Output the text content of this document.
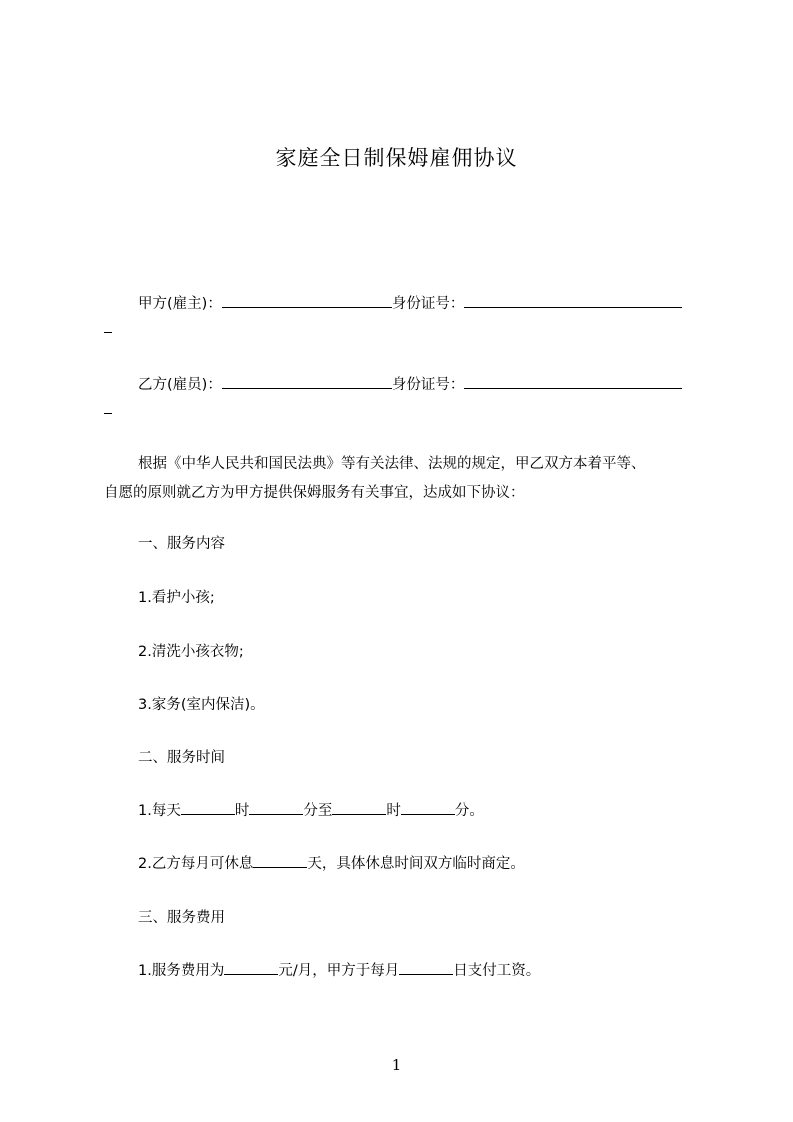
家庭全日制保姆雇佣协议
甲方(雇主)：	身份证号：
乙方(雇员)：	身份证号：
根据《中华人民共和国民法典》等有关法律、法规的规定，甲乙双方本着平等、
自愿的原则就乙方为甲方提供保姆服务有关事宜，达成如下协议：
一、服务内容
1.看护小孩;
2.清洗小孩衣物;
3.家务(室内保洁)。
二、服务时间
1.每天	时	分至	时	分。
2.乙方每月可休息	天，具体休息时间双方临时商定。
三、服务费用
1.服务费用为	元/月，甲方于每月	日支付工资。
1
